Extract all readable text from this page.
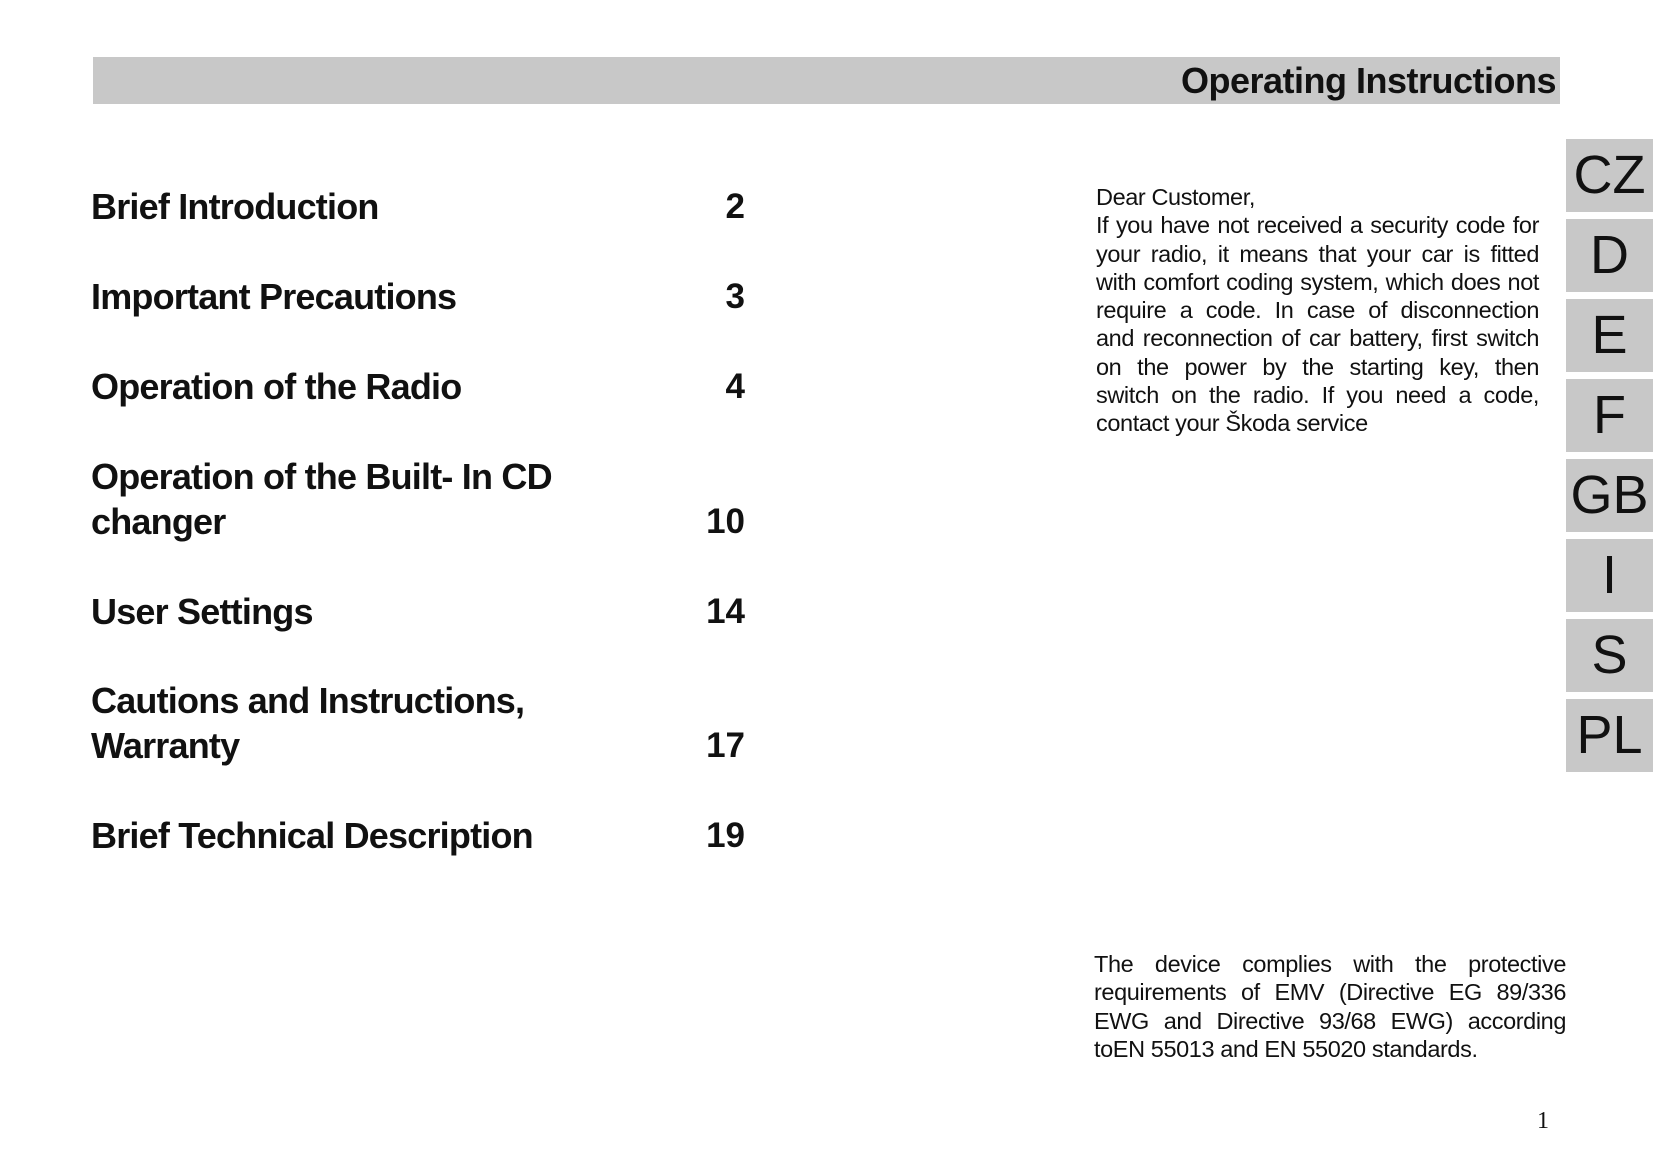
Operating Instructions
Brief Introduction	2
Important Precautions	3
Operation of the Radio	4
Operation of the Built- In CD changer	10
User Settings	14
Cautions and Instructions, Warranty	17
Brief Technical Description	19

Dear Customer,

If you have not received a security code for your radio, it means that your car is fitted with comfort coding system, which does not require a code. In case of disconnection and reconnection of car battery, first switch on the power by the starting key, then switch on the radio. If you need a code, contact your Škoda service

The device complies with the protective requirements of EMV (Directive EG 89/336 EWG and Directive 93/68 EWG) according toEN 55013 and EN 55020 standards.
CZ
D
E
F
GB
I
S
PL
1
